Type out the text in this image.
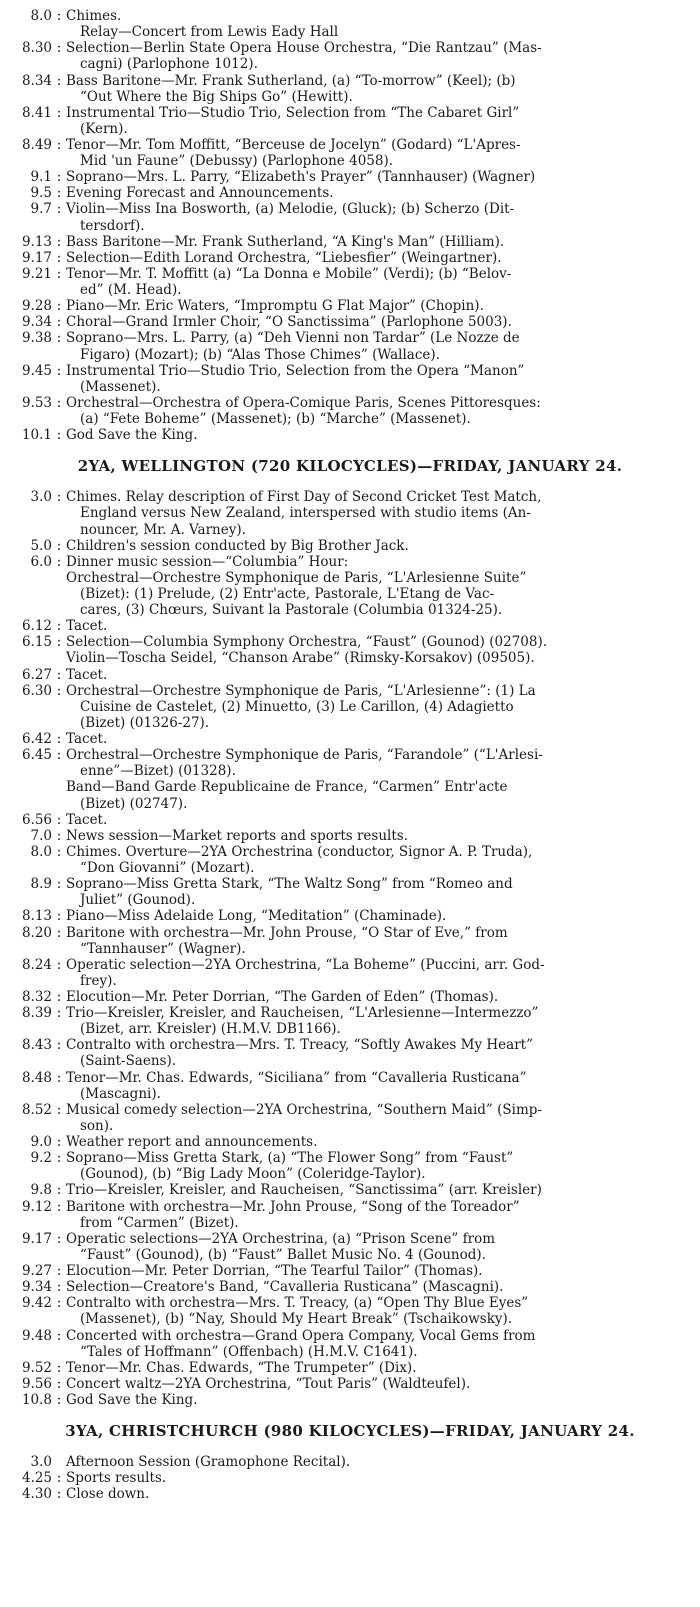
8.0 : Chimes.
Relay—Concert from Lewis Eady Hall
8.30 : Selection—Berlin State Opera House Orchestra, “Die Rantzau” (Mas-
cagni) (Parlophone 1012).
8.34 : Bass Baritone—Mr. Frank Sutherland, (a) “To-morrow” (Keel); (b)
“Out Where the Big Ships Go” (Hewitt).
8.41 : Instrumental Trio—Studio Trio, Selection from “The Cabaret Girl”
(Kern).
8.49 : Tenor—Mr. Tom Moffitt, “Berceuse de Jocelyn” (Godard) “L'Apres-
Mid 'un Faune” (Debussy) (Parlophone 4058).
9.1 : Soprano—Mrs. L. Parry, “Elizabeth's Prayer” (Tannhauser) (Wagner)
9.5 : Evening Forecast and Announcements.
9.7 : Violin—Miss Ina Bosworth, (a) Melodie, (Gluck); (b) Scherzo (Dit-
tersdorf).
9.13 : Bass Baritone—Mr. Frank Sutherland, “A King's Man” (Hilliam).
9.17 : Selection—Edith Lorand Orchestra, “Liebesfier” (Weingartner).
9.21 : Tenor—Mr. T. Moffitt (a) “La Donna e Mobile” (Verdi); (b) “Belov-
ed” (M. Head).
9.28 : Piano—Mr. Eric Waters, “Impromptu G Flat Major” (Chopin).
9.34 : Choral—Grand Irmler Choir, “O Sanctissima” (Parlophone 5003).
9.38 : Soprano—Mrs. L. Parry, (a) “Deh Vienni non Tardar” (Le Nozze de
Figaro) (Mozart); (b) “Alas Those Chimes” (Wallace).
9.45 : Instrumental Trio—Studio Trio, Selection from the Opera “Manon”
(Massenet).
9.53 : Orchestral—Orchestra of Opera-Comique Paris, Scenes Pittoresques:
(a) “Fete Boheme” (Massenet); (b) “Marche” (Massenet).
10.1 : God Save the King.
2YA, WELLINGTON (720 KILOCYCLES)—FRIDAY, JANUARY 24.
3.0 : Chimes. Relay description of First Day of Second Cricket Test Match,
England versus New Zealand, interspersed with studio items (An-
nouncer, Mr. A. Varney).
5.0 : Children's session conducted by Big Brother Jack.
6.0 : Dinner music session—“Columbia” Hour:
Orchestral—Orchestre Symphonique de Paris, “L'Arlesienne Suite”
(Bizet): (1) Prelude, (2) Entr'acte, Pastorale, L'Etang de Vac-
cares, (3) Chœurs, Suivant la Pastorale (Columbia 01324-25).
6.12 : Tacet.
6.15 : Selection—Columbia Symphony Orchestra, “Faust” (Gounod) (02708).
Violin—Toscha Seidel, “Chanson Arabe” (Rimsky-Korsakov) (09505).
6.27 : Tacet.
6.30 : Orchestral—Orchestre Symphonique de Paris, “L'Arlesienne”: (1) La
Cuisine de Castelet, (2) Minuetto, (3) Le Carillon, (4) Adagietto
(Bizet) (01326-27).
6.42 : Tacet.
6.45 : Orchestral—Orchestre Symphonique de Paris, “Farandole” (“L'Arlesi-
enne”—Bizet) (01328).
Band—Band Garde Republicaine de France, “Carmen” Entr'acte
(Bizet) (02747).
6.56 : Tacet.
7.0 : News session—Market reports and sports results.
8.0 : Chimes. Overture—2YA Orchestrina (conductor, Signor A. P. Truda),
“Don Giovanni” (Mozart).
8.9 : Soprano—Miss Gretta Stark, “The Waltz Song” from “Romeo and
Juliet” (Gounod).
8.13 : Piano—Miss Adelaide Long, “Meditation” (Chaminade).
8.20 : Baritone with orchestra—Mr. John Prouse, “O Star of Eve,” from
“Tannhauser” (Wagner).
8.24 : Operatic selection—2YA Orchestrina, “La Boheme” (Puccini, arr. God-
frey).
8.32 : Elocution—Mr. Peter Dorrian, “The Garden of Eden” (Thomas).
8.39 : Trio—Kreisler, Kreisler, and Raucheisen, “L'Arlesienne—Intermezzo”
(Bizet, arr. Kreisler) (H.M.V. DB1166).
8.43 : Contralto with orchestra—Mrs. T. Treacy, “Softly Awakes My Heart”
(Saint-Saens).
8.48 : Tenor—Mr. Chas. Edwards, “Siciliana” from “Cavalleria Rusticana”
(Mascagni).
8.52 : Musical comedy selection—2YA Orchestrina, “Southern Maid” (Simp-
son).
9.0 : Weather report and announcements.
9.2 : Soprano—Miss Gretta Stark, (a) “The Flower Song” from “Faust”
(Gounod), (b) “Big Lady Moon” (Coleridge-Taylor).
9.8 : Trio—Kreisler, Kreisler, and Raucheisen, “Sanctissima” (arr. Kreisler)
9.12 : Baritone with orchestra—Mr. John Prouse, “Song of the Toreador”
from “Carmen” (Bizet).
9.17 : Operatic selections—2YA Orchestrina, (a) “Prison Scene” from
“Faust” (Gounod), (b) “Faust” Ballet Music No. 4 (Gounod).
9.27 : Elocution—Mr. Peter Dorrian, “The Tearful Tailor” (Thomas).
9.34 : Selection—Creatore's Band, “Cavalleria Rusticana” (Mascagni).
9.42 : Contralto with orchestra—Mrs. T. Treacy, (a) “Open Thy Blue Eyes”
(Massenet), (b) “Nay, Should My Heart Break” (Tschaikowsky).
9.48 : Concerted with orchestra—Grand Opera Company, Vocal Gems from
“Tales of Hoffmann” (Offenbach) (H.M.V. C1641).
9.52 : Tenor—Mr. Chas. Edwards, “The Trumpeter” (Dix).
9.56 : Concert waltz—2YA Orchestrina, “Tout Paris” (Waldteufel).
10.8 : God Save the King.
3YA, CHRISTCHURCH (980 KILOCYCLES)—FRIDAY, JANUARY 24.
3.0 Afternoon Session (Gramophone Recital).
4.25 : Sports results.
4.30 : Close down.
